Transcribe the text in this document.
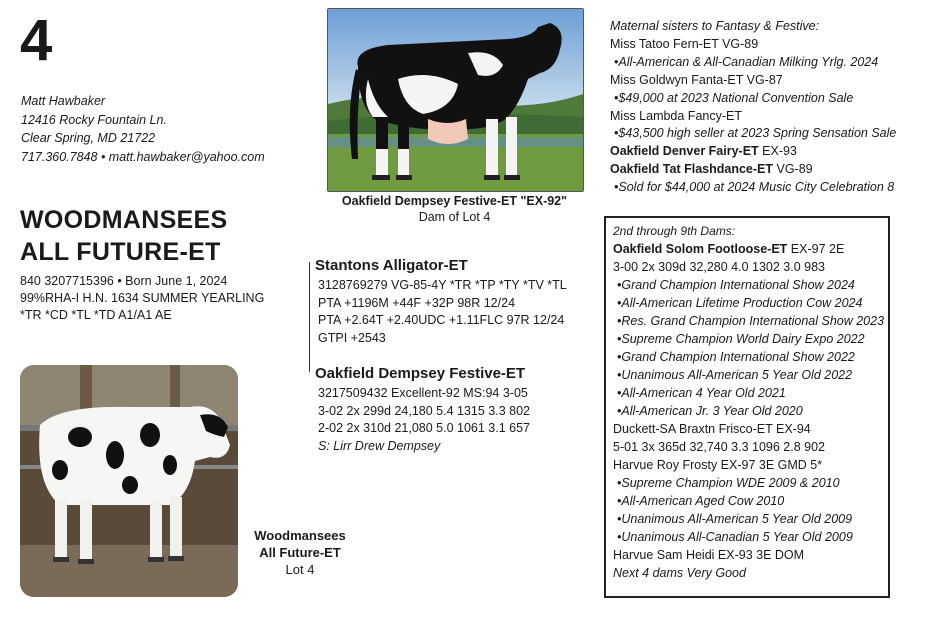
4
Matt Hawbaker
12416 Rocky Fountain Ln.
Clear Spring, MD 21722
717.360.7848 • matt.hawbaker@yahoo.com
WOODMANSEES
ALL FUTURE-ET
840 3207715396 • Born June 1, 2024
99%RHA-I H.N. 1634 SUMMER YEARLING
*TR *CD *TL *TD A1/A1 AE
Oakfield Dempsey Festive-ET "EX-92"
Dam of Lot 4
Woodmansees
All Future-ET
Lot 4
Stantons Alligator-ET
3128769279 VG-85-4Y *TR *TP *TY *TV *TL
PTA +1196M +44F +32P 98R 12/24
PTA +2.64T +2.40UDC +1.11FLC 97R 12/24
GTPI +2543
Oakfield Dempsey Festive-ET
3217509432 Excellent-92 MS:94 3-05
3-02 2x 299d 24,180 5.4 1315 3.3 802
2-02 2x 310d 21,080 5.0 1061 3.1 657
S: Lirr Drew Dempsey
Maternal sisters to Fantasy & Festive:
Miss Tatoo Fern-ET VG-89
•All-American & All-Canadian Milking Yrlg. 2024
Miss Goldwyn Fanta-ET VG-87
•$49,000 at 2023 National Convention Sale
Miss Lambda Fancy-ET
•$43,500 high seller at 2023 Spring Sensation Sale
Oakfield Denver Fairy-ET EX-93
Oakfield Tat Flashdance-ET VG-89
•Sold for $44,000 at 2024 Music City Celebration 8
2nd through 9th Dams:
Oakfield Solom Footloose-ET EX-97 2E
3-00 2x 309d 32,280 4.0 1302 3.0 983
•Grand Champion International Show 2024
•All-American Lifetime Production Cow 2024
•Res. Grand Champion International Show 2023
•Supreme Champion World Dairy Expo 2022
•Grand Champion International Show 2022
•Unanimous All-American 5 Year Old 2022
•All-American 4 Year Old 2021
•All-American Jr. 3 Year Old 2020
Duckett-SA Braxtn Frisco-ET EX-94
5-01 3x 365d 32,740 3.3 1096 2.8 902
Harvue Roy Frosty EX-97 3E GMD 5*
•Supreme Champion WDE 2009 & 2010
•All-American Aged Cow 2010
•Unanimous All-American 5 Year Old 2009
•Unanimous All-Canadian 5 Year Old 2009
Harvue Sam Heidi EX-93 3E DOM
Next 4 dams Very Good
